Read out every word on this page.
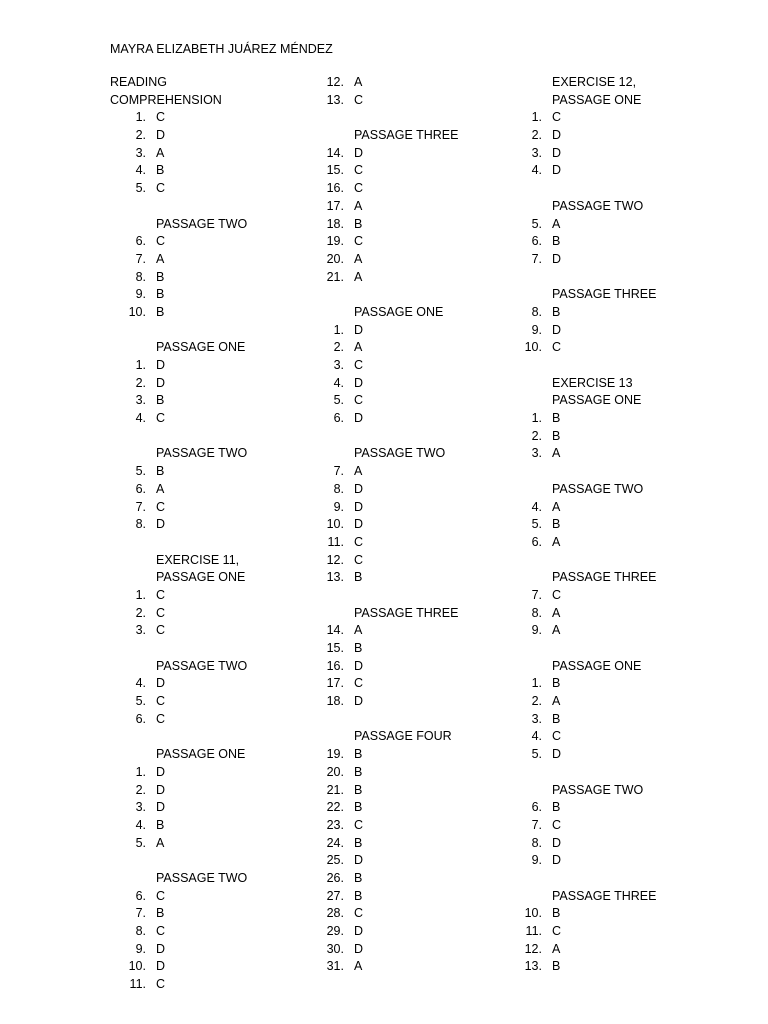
MAYRA ELIZABETH JUÁREZ MÉNDEZ
READING
COMPREHENSION
1. C
2. D
3. A
4. B
5. C
PASSAGE TWO
6. C
7. A
8. B
9. B
10. B
PASSAGE ONE
1. D
2. D
3. B
4. C
PASSAGE TWO
5. B
6. A
7. C
8. D
EXERCISE 11,
PASSAGE ONE
1. C
2. C
3. C
PASSAGE TWO
4. D
5. C
6. C
PASSAGE ONE
1. D
2. D
3. D
4. B
5. A
PASSAGE TWO
6. C
7. B
8. C
9. D
10. D
11. C
12. A
13. C
PASSAGE THREE
14. D
15. C
16. C
17. A
18. B
19. C
20. A
21. A
PASSAGE ONE
1. D
2. A
3. C
4. D
5. C
6. D
PASSAGE TWO
7. A
8. D
9. D
10. D
11. C
12. C
13. B
PASSAGE THREE
14. A
15. B
16. D
17. C
18. D
PASSAGE FOUR
19. B
20. B
21. B
22. B
23. C
24. B
25. D
26. B
27. B
28. C
29. D
30. D
31. A
EXERCISE 12,
PASSAGE ONE
1. C
2. D
3. D
4. D
PASSAGE TWO
5. A
6. B
7. D
PASSAGE THREE
8. B
9. D
10. C
EXERCISE 13
PASSAGE ONE
1. B
2. B
3. A
PASSAGE TWO
4. A
5. B
6. A
PASSAGE THREE
7. C
8. A
9. A
PASSAGE ONE
1. B
2. A
3. B
4. C
5. D
PASSAGE TWO
6. B
7. C
8. D
9. D
PASSAGE THREE
10. B
11. C
12. A
13. B
